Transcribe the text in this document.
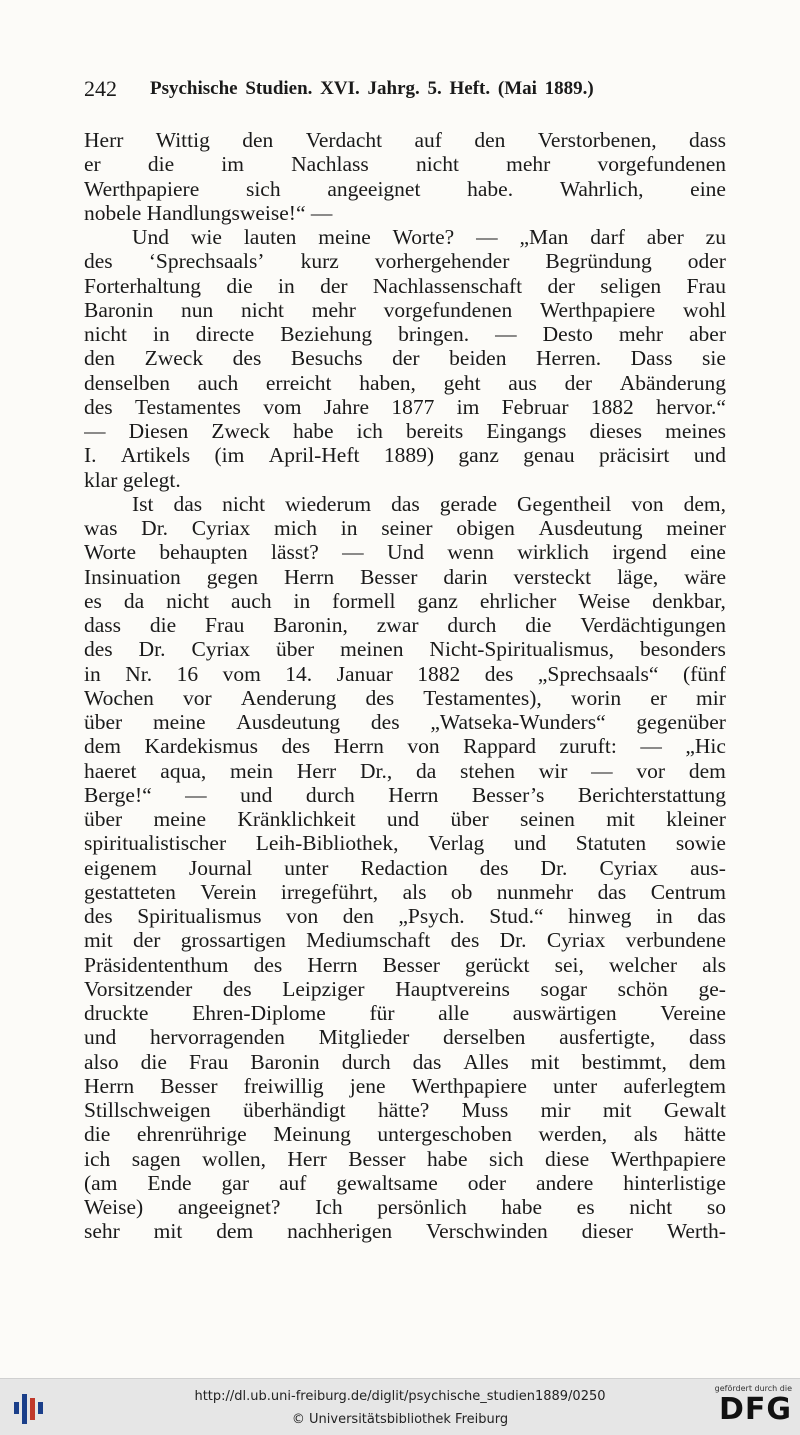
242 Psychische Studien. XVI. Jahrg. 5. Heft. (Mai 1889.)
Herr Wittig den Verdacht auf den Verstorbenen, dass
er die im Nachlass nicht mehr vorgefundenen
Werthpapiere sich angeeignet habe. Wahrlich, eine
nobele Handlungsweise!“ —
Und wie lauten meine Worte? — „Man darf aber zu
des ‘Sprechsaals’ kurz vorhergehender Begründung oder
Forterhaltung die in der Nachlassenschaft der seligen Frau
Baronin nun nicht mehr vorgefundenen Werthpapiere wohl
nicht in directe Beziehung bringen. — Desto mehr aber
den Zweck des Besuchs der beiden Herren. Dass sie
denselben auch erreicht haben, geht aus der Abänderung
des Testamentes vom Jahre 1877 im Februar 1882 hervor.“
— Diesen Zweck habe ich bereits Eingangs dieses meines
I. Artikels (im April-Heft 1889) ganz genau präcisirt und
klar gelegt.
Ist das nicht wiederum das gerade Gegentheil von dem,
was Dr. Cyriax mich in seiner obigen Ausdeutung meiner
Worte behaupten lässt? — Und wenn wirklich irgend eine
Insinuation gegen Herrn Besser darin versteckt läge, wäre
es da nicht auch in formell ganz ehrlicher Weise denkbar,
dass die Frau Baronin, zwar durch die Verdächtigungen
des Dr. Cyriax über meinen Nicht-Spiritualismus, besonders
in Nr. 16 vom 14. Januar 1882 des „Sprechsaals“ (fünf
Wochen vor Aenderung des Testamentes), worin er mir
über meine Ausdeutung des „Watseka-Wunders“ gegenüber
dem Kardekismus des Herrn von Rappard zuruft: — „Hic
haeret aqua, mein Herr Dr., da stehen wir — vor dem
Berge!“ — und durch Herrn Besser’s Berichterstattung
über meine Kränklichkeit und über seinen mit kleiner
spiritualistischer Leih-Bibliothek, Verlag und Statuten sowie
eigenem Journal unter Redaction des Dr. Cyriax aus-
gestatteten Verein irregeführt, als ob nunmehr das Centrum
des Spiritualismus von den „Psych. Stud.“ hinweg in das
mit der grossartigen Mediumschaft des Dr. Cyriax verbundene
Präsidententhum des Herrn Besser gerückt sei, welcher als
Vorsitzender des Leipziger Hauptvereins sogar schön ge-
druckte Ehren-Diplome für alle auswärtigen Vereine
und hervorragenden Mitglieder derselben ausfertigte, dass
also die Frau Baronin durch das Alles mit bestimmt, dem
Herrn Besser freiwillig jene Werthpapiere unter auferlegtem
Stillschweigen überhändigt hätte? Muss mir mit Gewalt
die ehrenrührige Meinung untergeschoben werden, als hätte
ich sagen wollen, Herr Besser habe sich diese Werthpapiere
(am Ende gar auf gewaltsame oder andere hinterlistige
Weise) angeeignet? Ich persönlich habe es nicht so
sehr mit dem nachherigen Verschwinden dieser Werth-
http://dl.ub.uni-freiburg.de/diglit/psychische_studien1889/0250
© Universitätsbibliothek Freiburg
gefördert durch die
DFG
